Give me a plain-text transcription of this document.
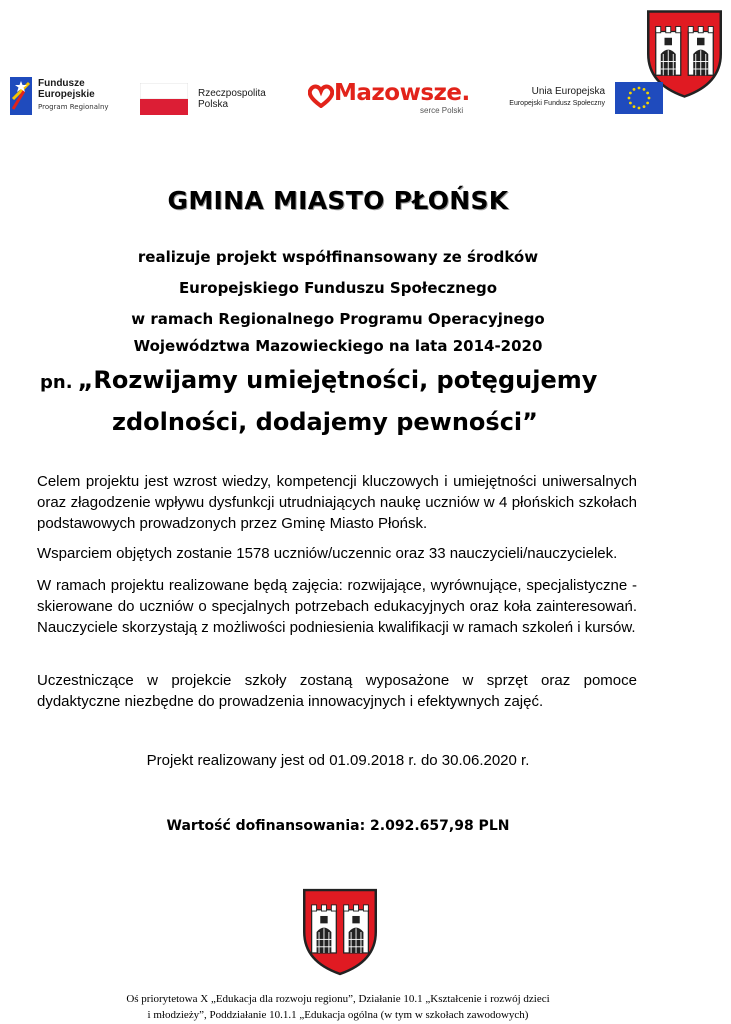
Fundusze
Europejskie
Program Regionalny
Rzeczpospolita
Polska	Mazowsze.
serce Polski
Unia Europejska
Europejski Fundusz Społeczny
GMINA MIASTO PŁOŃSK
realizuje projekt współfinansowany ze środków
Europejskiego Funduszu Społecznego
w ramach Regionalnego Programu Operacyjnego
Województwa Mazowieckiego na lata 2014-2020
pn. „Rozwijamy umiejętności, potęgujemy
zdolności, dodajemy pewności”
Celem projektu jest wzrost wiedzy, kompetencji kluczowych i umiejętności uniwersalnych oraz złagodzenie wpływu dysfunkcji utrudniających naukę uczniów w 4 płońskich szkołach podstawowych prowadzonych przez Gminę Miasto Płońsk.
Wsparciem objętych zostanie 1578 uczniów/uczennic oraz 33 nauczycieli/nauczycielek.
W ramach projektu realizowane będą zajęcia: rozwijające, wyrównujące, specjalistyczne - skierowane do uczniów o specjalnych potrzebach edukacyjnych oraz koła zainteresowań. Nauczyciele skorzystają z możliwości podniesienia kwalifikacji w ramach szkoleń i kursów.
Uczestniczące w projekcie szkoły zostaną wyposażone w sprzęt oraz pomoce dydaktyczne niezbędne do prowadzenia innowacyjnych i efektywnych zajęć.
Projekt realizowany jest od 01.09.2018 r. do 30.06.2020 r.
Wartość dofinansowania: 2.092.657,98 PLN
Oś priorytetowa X „Edukacja dla rozwoju regionu”, Działanie 10.1 „Kształcenie i rozwój dzieci
i młodzieży”, Poddziałanie 10.1.1 „Edukacja ogólna (w tym w szkołach zawodowych)
